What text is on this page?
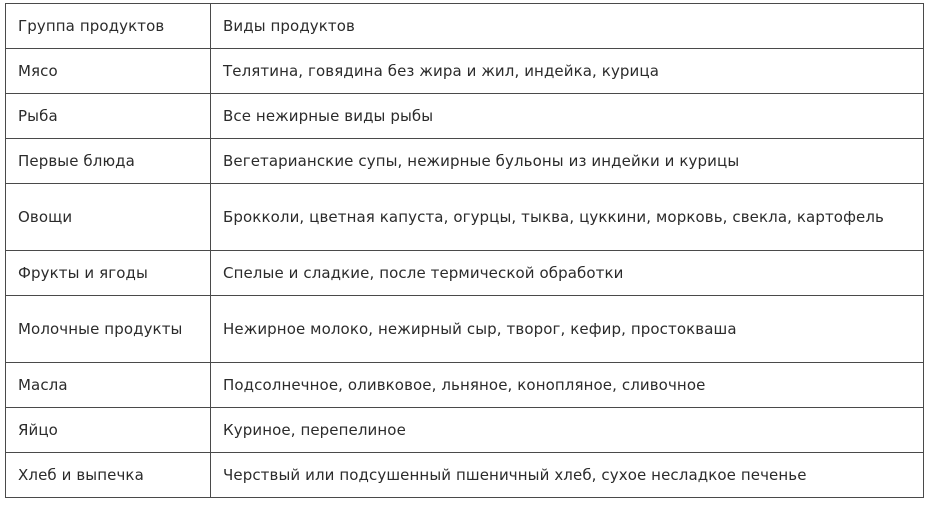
Группа продуктов	Виды продуктов
Мясо	Телятина, говядина без жира и жил, индейка, курица
Рыба	Все нежирные виды рыбы
Первые блюда	Вегетарианские супы, нежирные бульоны из индейки и курицы
Овощи	Брокколи, цветная капуста, огурцы, тыква, цуккини, морковь, свекла, картофель
Фрукты и ягоды	Спелые и сладкие, после термической обработки
Молочные продукты	Нежирное молоко, нежирный сыр, творог, кефир, простокваша
Масла	Подсолнечное, оливковое, льняное, конопляное, сливочное
Яйцо	Куриное, перепелиное
Хлеб и выпечка	Черствый или подсушенный пшеничный хлеб, сухое несладкое печенье
